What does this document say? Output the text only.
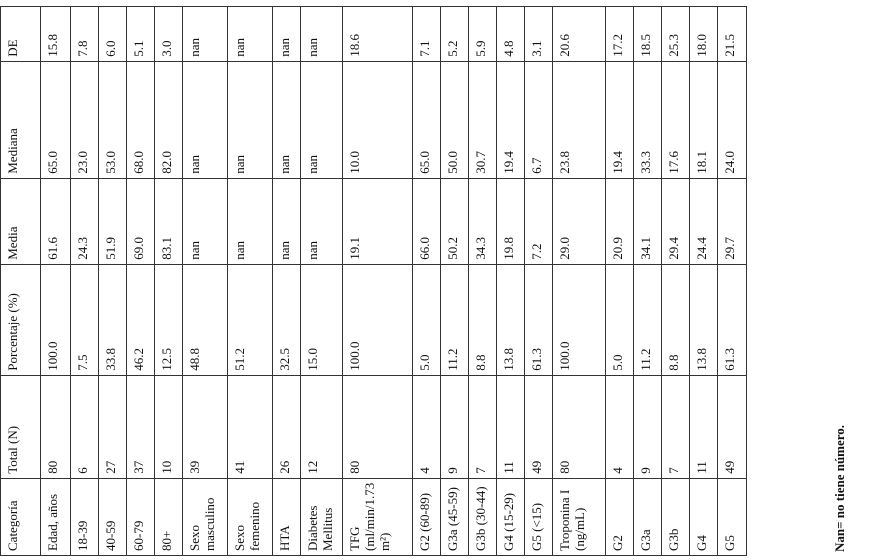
Categoría	Total (N)	Porcentaje (%)	Media	Mediana	DE
Edad, años	80	100.0	61.6	65.0	15.8
18-39	6	7.5	24.3	23.0	7.8
40-59	27	33.8	51.9	53.0	6.0
60-79	37	46.2	69.0	68.0	5.1
80+	10	12.5	83.1	82.0	3.0
Sexo masculino	39	48.8	nan	nan	nan
Sexo femenino	41	51.2	nan	nan	nan
HTA	26	32.5	nan	nan	nan
Diabetes Mellitus	12	15.0	nan	nan	nan
TFG (ml/min/1.73 m²)	80	100.0	19.1	10.0	18.6
G2 (60-89)	4	5.0	66.0	65.0	7.1
G3a (45-59)	9	11.2	50.2	50.0	5.2
G3b (30-44)	7	8.8	34.3	30.7	5.9
G4 (15-29)	11	13.8	19.8	19.4	4.8
G5 (<15)	49	61.3	7.2	6.7	3.1
Troponina I (ng/mL)	80	100.0	29.0	23.8	20.6
G2	4	5.0	20.9	19.4	17.2
G3a	9	11.2	34.1	33.3	18.5
G3b	7	8.8	29.4	17.6	25.3
G4	11	13.8	24.4	18.1	18.0
G5	49	61.3	29.7	24.0	21.5
Nan= no tiene número.
